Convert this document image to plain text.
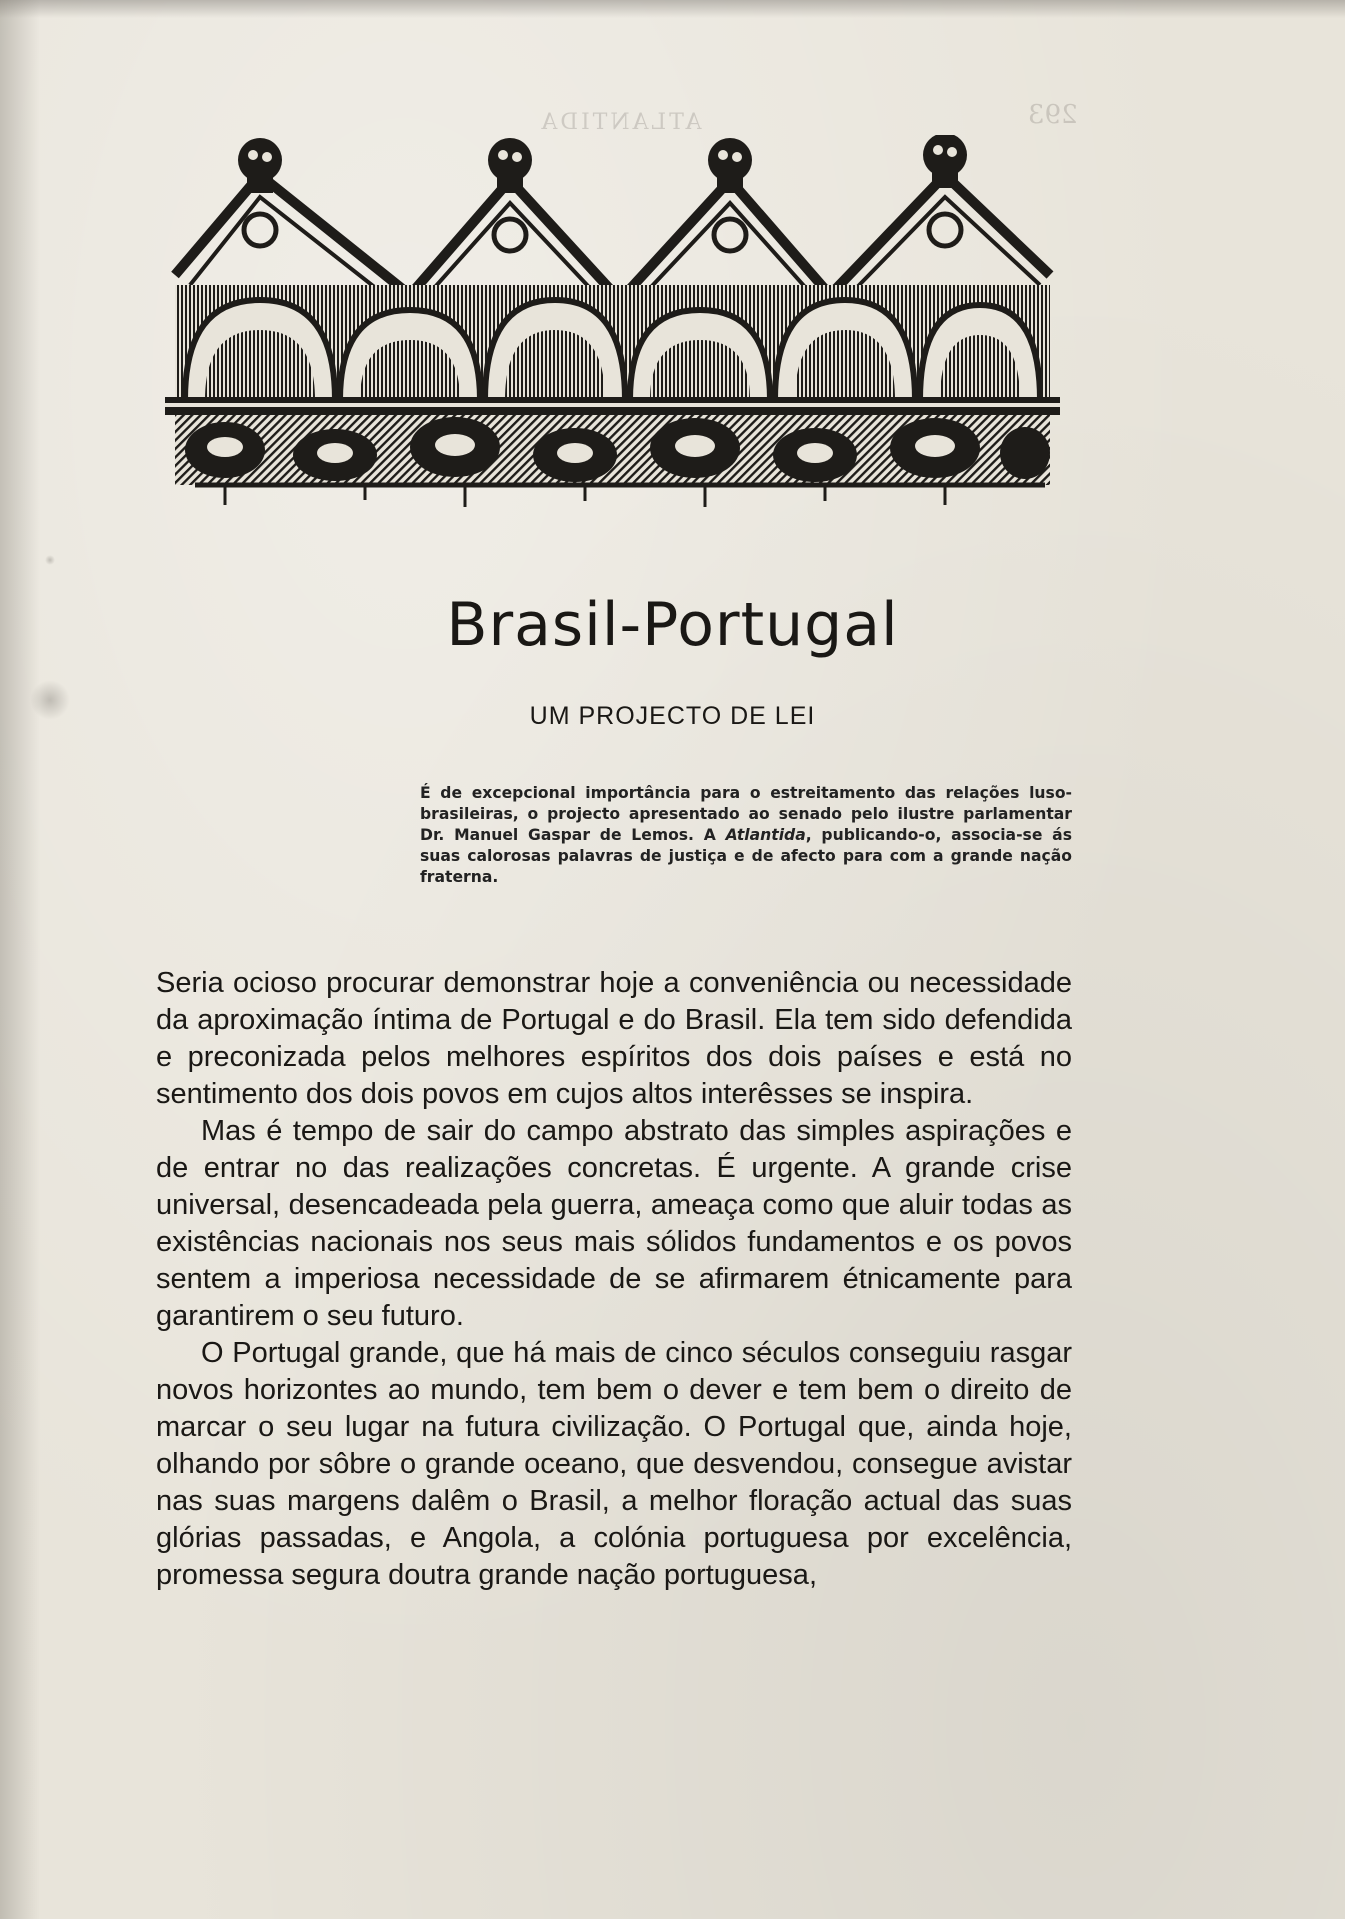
ATLANTIDA	293
Brasil-Portugal
UM PROJECTO DE LEI
É de excepcional importância para o estreitamento das relações luso-brasileiras, o projecto apresentado ao senado pelo ilustre parlamentar Dr. Manuel Gaspar de Lemos. A Atlantida, publicando-o, associa-se ás suas calorosas palavras de justiça e de afecto para com a grande nação fraterna.

Seria ocioso procurar demonstrar hoje a conveniência ou necessidade da aproximação íntima de Portugal e do Brasil. Ela tem sido defendida e preconizada pelos melhores espíritos dos dois países e está no sentimento dos dois povos em cujos altos interêsses se inspira.

Mas é tempo de sair do campo abstrato das simples aspirações e de entrar no das realizações concretas. É urgente. A grande crise universal, desencadeada pela guerra, ameaça como que aluir todas as existências nacionais nos seus mais sólidos fundamentos e os povos sentem a imperiosa necessidade de se afirmarem étnicamente para garantirem o seu futuro.

O Portugal grande, que há mais de cinco séculos conseguiu rasgar novos horizontes ao mundo, tem bem o dever e tem bem o direito de marcar o seu lugar na futura civilização. O Portugal que, ainda hoje, olhando por sôbre o grande oceano, que desvendou, consegue avistar nas suas margens dalêm o Brasil, a melhor floração actual das suas glórias passadas, e Angola, a colónia portuguesa por excelência, promessa segura doutra grande nação portuguesa,
